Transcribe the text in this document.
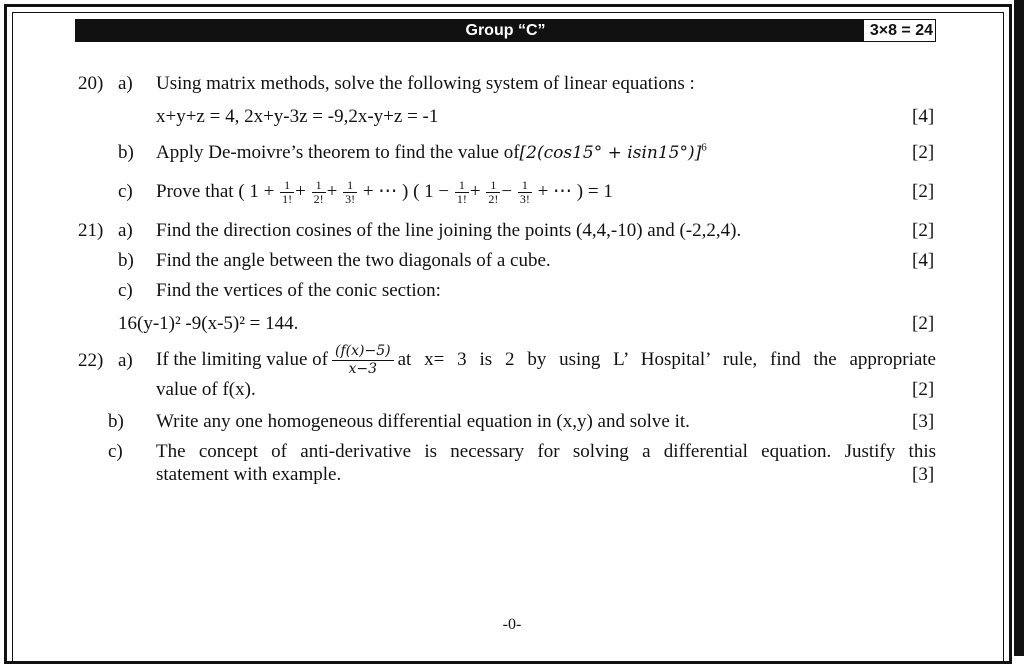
Group “C”	3×8 = 24
20) a) Using matrix methods, solve the following system of linear equations :
x+y+z = 4, 2x+y-3z = -9,2x-y+z = -1	[4]
b) Apply De-moivre’s theorem to find the value $of[2(\cos 15^\circ + isin15^\circ)]^6$	[2]
c) Prove that ( $1 + \frac{1}{1!} + \frac{1}{2!} + \frac{1}{3!}$ + ⋯ ) ( $1 - \frac{1}{1!} + \frac{1}{2!} - \frac{1}{3!}$ + ⋯ ) = 1	[2]
21) a) Find the direction cosines of the line joining the points (4,4,-10) and (-2,2,4).	[2]
b) Find the angle between the two diagonals of a cube.	[4]
c) Find the vertices of the conic section:
16(y-1)² -9(x-5)² = 144.	[2]
22) a) If the limiting value of $\frac{(f(x)-5)}{x-3}$ at x= 3 is 2 by using L’ Hospital’ rule, find the appropriate
value of f(x).	[2]
b) Write any one homogeneous differential equation in (x,y) and solve it.	[3]
c) The concept of anti-derivative is necessary for solving a differential equation. Justify this
statement with example.	[3]
-0-
